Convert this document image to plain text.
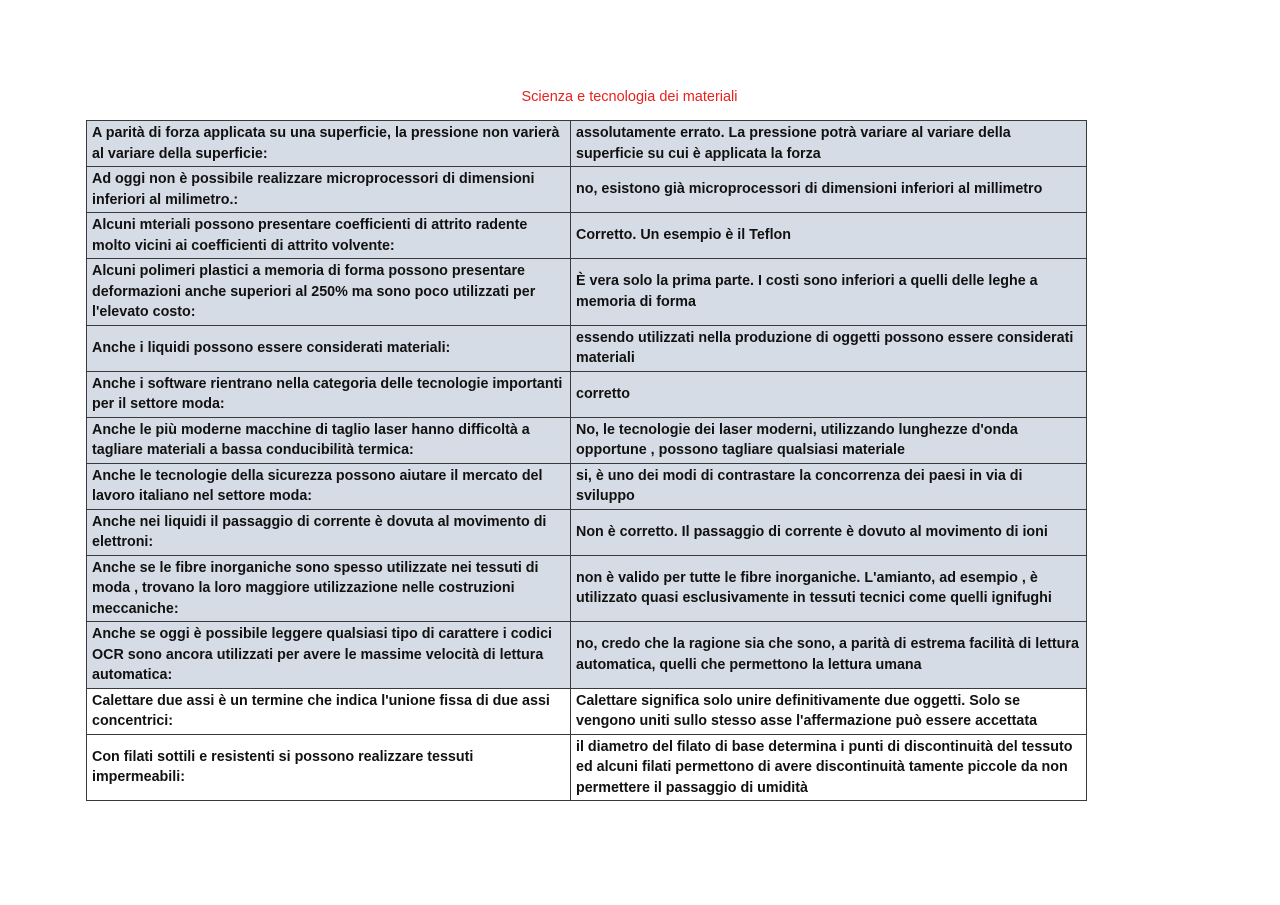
Scienza e tecnologia dei materiali
A parità di forza applicata su una superficie, la pressione non varierà al variare della superficie:	assolutamente errato. La pressione potrà variare al variare della superficie su cui è applicata la forza
Ad oggi non è possibile realizzare microprocessori di dimensioni inferiori al milimetro.:	no, esistono già microprocessori di dimensioni inferiori al millimetro
Alcuni mteriali possono presentare coefficienti di attrito radente molto vicini ai coefficienti di attrito volvente:	Corretto. Un esempio è il Teflon
Alcuni polimeri plastici a memoria di forma possono presentare deformazioni anche superiori al 250% ma sono poco utilizzati per l'elevato costo:	È vera solo la prima parte. I costi sono inferiori a quelli delle leghe a memoria di forma
Anche i liquidi possono essere considerati materiali:	essendo utilizzati nella produzione di oggetti possono essere considerati materiali
Anche i software rientrano nella categoria delle tecnologie importanti per il settore moda:	corretto
Anche le più moderne macchine di taglio laser hanno difficoltà a tagliare materiali a bassa conducibilità termica:	No, le tecnologie dei laser moderni, utilizzando lunghezze d'onda opportune , possono tagliare qualsiasi materiale
Anche le tecnologie della sicurezza possono aiutare il mercato del lavoro italiano nel settore moda:	si, è uno dei modi di contrastare la concorrenza dei paesi in via di sviluppo
Anche nei liquidi il passaggio di corrente è dovuta al movimento di elettroni:	Non è corretto. Il passaggio di corrente è dovuto al movimento di ioni
Anche se le fibre inorganiche sono spesso utilizzate nei tessuti di moda , trovano la loro maggiore utilizzazione nelle costruzioni meccaniche:	non è valido per tutte le fibre inorganiche. L'amianto, ad esempio , è utilizzato quasi esclusivamente in tessuti tecnici come quelli ignifughi
Anche se oggi è possibile leggere qualsiasi tipo di carattere i codici OCR sono ancora utilizzati per avere le massime velocità di lettura automatica:	no, credo che la ragione sia che sono, a parità di estrema facilità di lettura automatica, quelli che permettono la lettura umana
Calettare due assi è un termine che indica l'unione fissa di due assi concentrici:	Calettare significa solo unire definitivamente due oggetti. Solo se vengono uniti sullo stesso asse l'affermazione può essere accettata
Con filati sottili e resistenti si possono realizzare tessuti impermeabili:	il diametro del filato di base determina i punti di discontinuità del tessuto ed alcuni filati permettono di avere discontinuità tamente piccole da non permettere il passaggio di umidità
